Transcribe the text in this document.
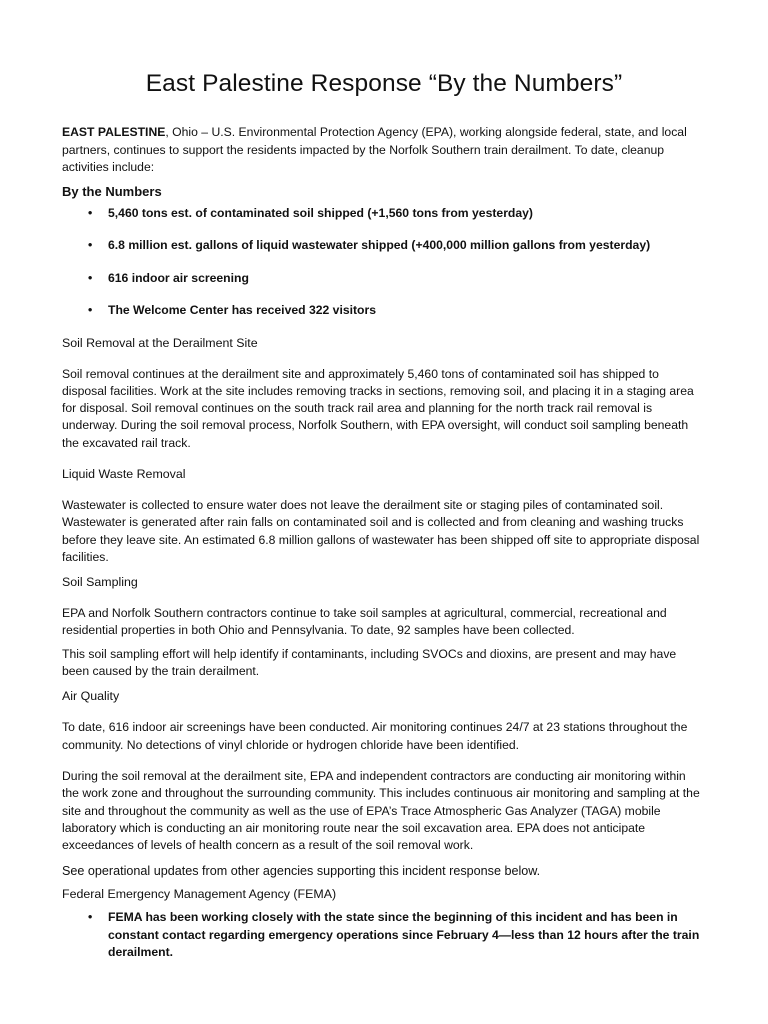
East Palestine Response “By the Numbers”

EAST PALESTINE, Ohio – U.S. Environmental Protection Agency (EPA), working alongside federal, state, and local partners, continues to support the residents impacted by the Norfolk Southern train derailment. To date, cleanup activities include:

By the Numbers

• 5,460 tons est. of contaminated soil shipped (+1,560 tons from yesterday)
• 6.8 million est. gallons of liquid wastewater shipped (+400,000 million gallons from yesterday)
• 616 indoor air screening
• The Welcome Center has received 322 visitors

Soil Removal at the Derailment Site

Soil removal continues at the derailment site and approximately 5,460 tons of contaminated soil has shipped to disposal facilities. Work at the site includes removing tracks in sections, removing soil, and placing it in a staging area for disposal. Soil removal continues on the south track rail area and planning for the north track rail removal is underway. During the soil removal process, Norfolk Southern, with EPA oversight, will conduct soil sampling beneath the excavated rail track.

Liquid Waste Removal

Wastewater is collected to ensure water does not leave the derailment site or staging piles of contaminated soil. Wastewater is generated after rain falls on contaminated soil and is collected and from cleaning and washing trucks before they leave site. An estimated 6.8 million gallons of wastewater has been shipped off site to appropriate disposal facilities.

Soil Sampling

EPA and Norfolk Southern contractors continue to take soil samples at agricultural, commercial, recreational and residential properties in both Ohio and Pennsylvania. To date, 92 samples have been collected.

This soil sampling effort will help identify if contaminants, including SVOCs and dioxins, are present and may have been caused by the train derailment.

Air Quality

To date, 616 indoor air screenings have been conducted. Air monitoring continues 24/7 at 23 stations throughout the community. No detections of vinyl chloride or hydrogen chloride have been identified.

During the soil removal at the derailment site, EPA and independent contractors are conducting air monitoring within the work zone and throughout the surrounding community. This includes continuous air monitoring and sampling at the site and throughout the community as well as the use of EPA’s Trace Atmospheric Gas Analyzer (TAGA) mobile laboratory which is conducting an air monitoring route near the soil excavation area. EPA does not anticipate exceedances of levels of health concern as a result of the soil removal work.

See operational updates from other agencies supporting this incident response below.

Federal Emergency Management Agency (FEMA)

• FEMA has been working closely with the state since the beginning of this incident and has been in constant contact regarding emergency operations since February 4—less than 12 hours after the train derailment.
